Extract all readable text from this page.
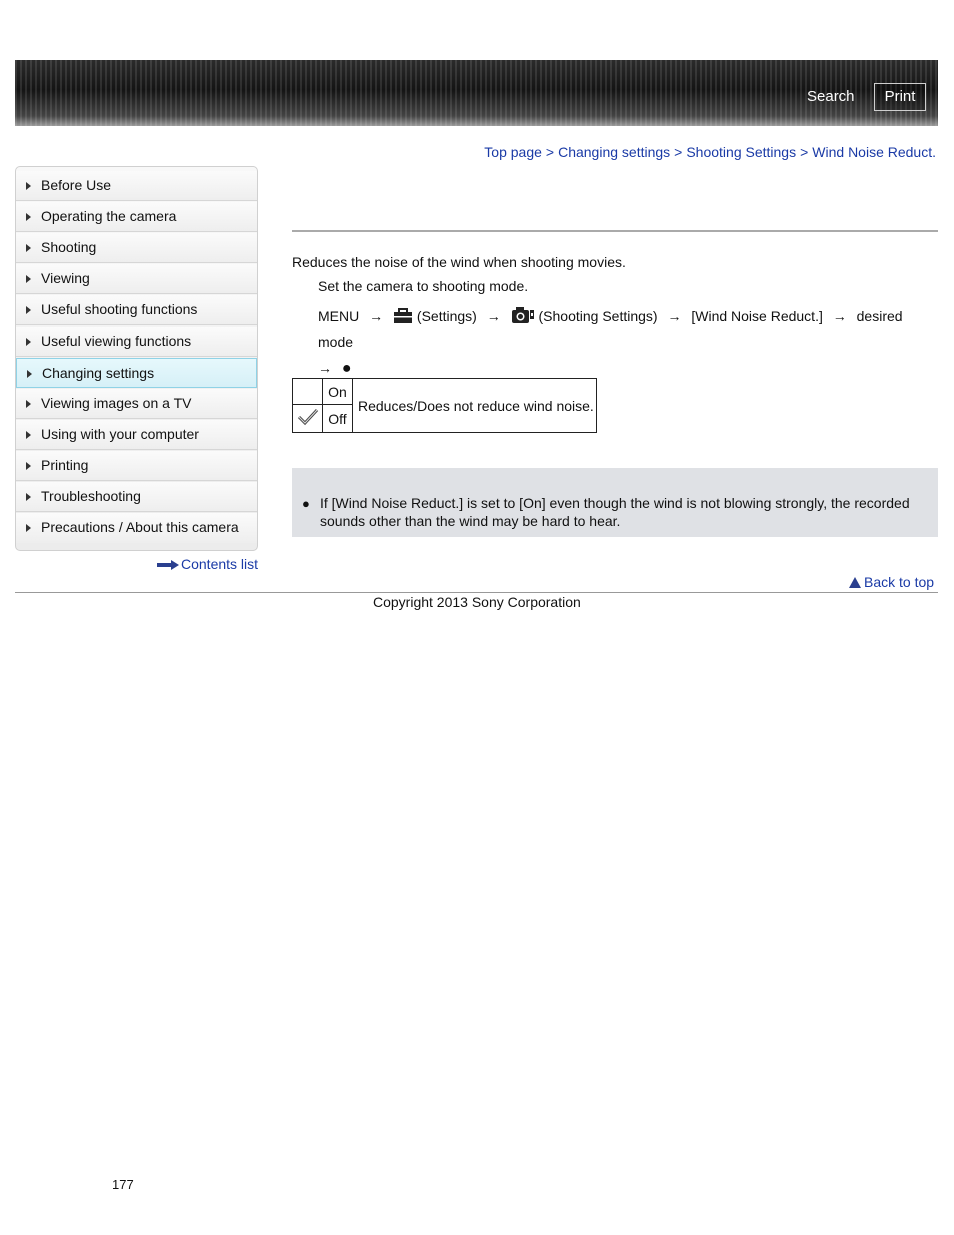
Search	Print
Top page > Changing settings > Shooting Settings > Wind Noise Reduct.
Before Use
Operating the camera
Shooting
Viewing
Useful shooting functions
Useful viewing functions
Changing settings
Viewing images on a TV
Using with your computer
Printing
Troubleshooting
Precautions / About this camera
Contents list
Reduces the noise of the wind when shooting movies.
Set the camera to shooting mode.
MENU → (Settings) →	(Shooting Settings) → [Wind Noise Reduct.] → desired mode
→ ●
	On	Reduces/Does not reduce wind noise.
	Off	
● If [Wind Noise Reduct.] is set to [On] even though the wind is not blowing strongly, the recorded sounds other than the wind may be hard to hear.
Back to top
Copyright 2013 Sony Corporation
177
